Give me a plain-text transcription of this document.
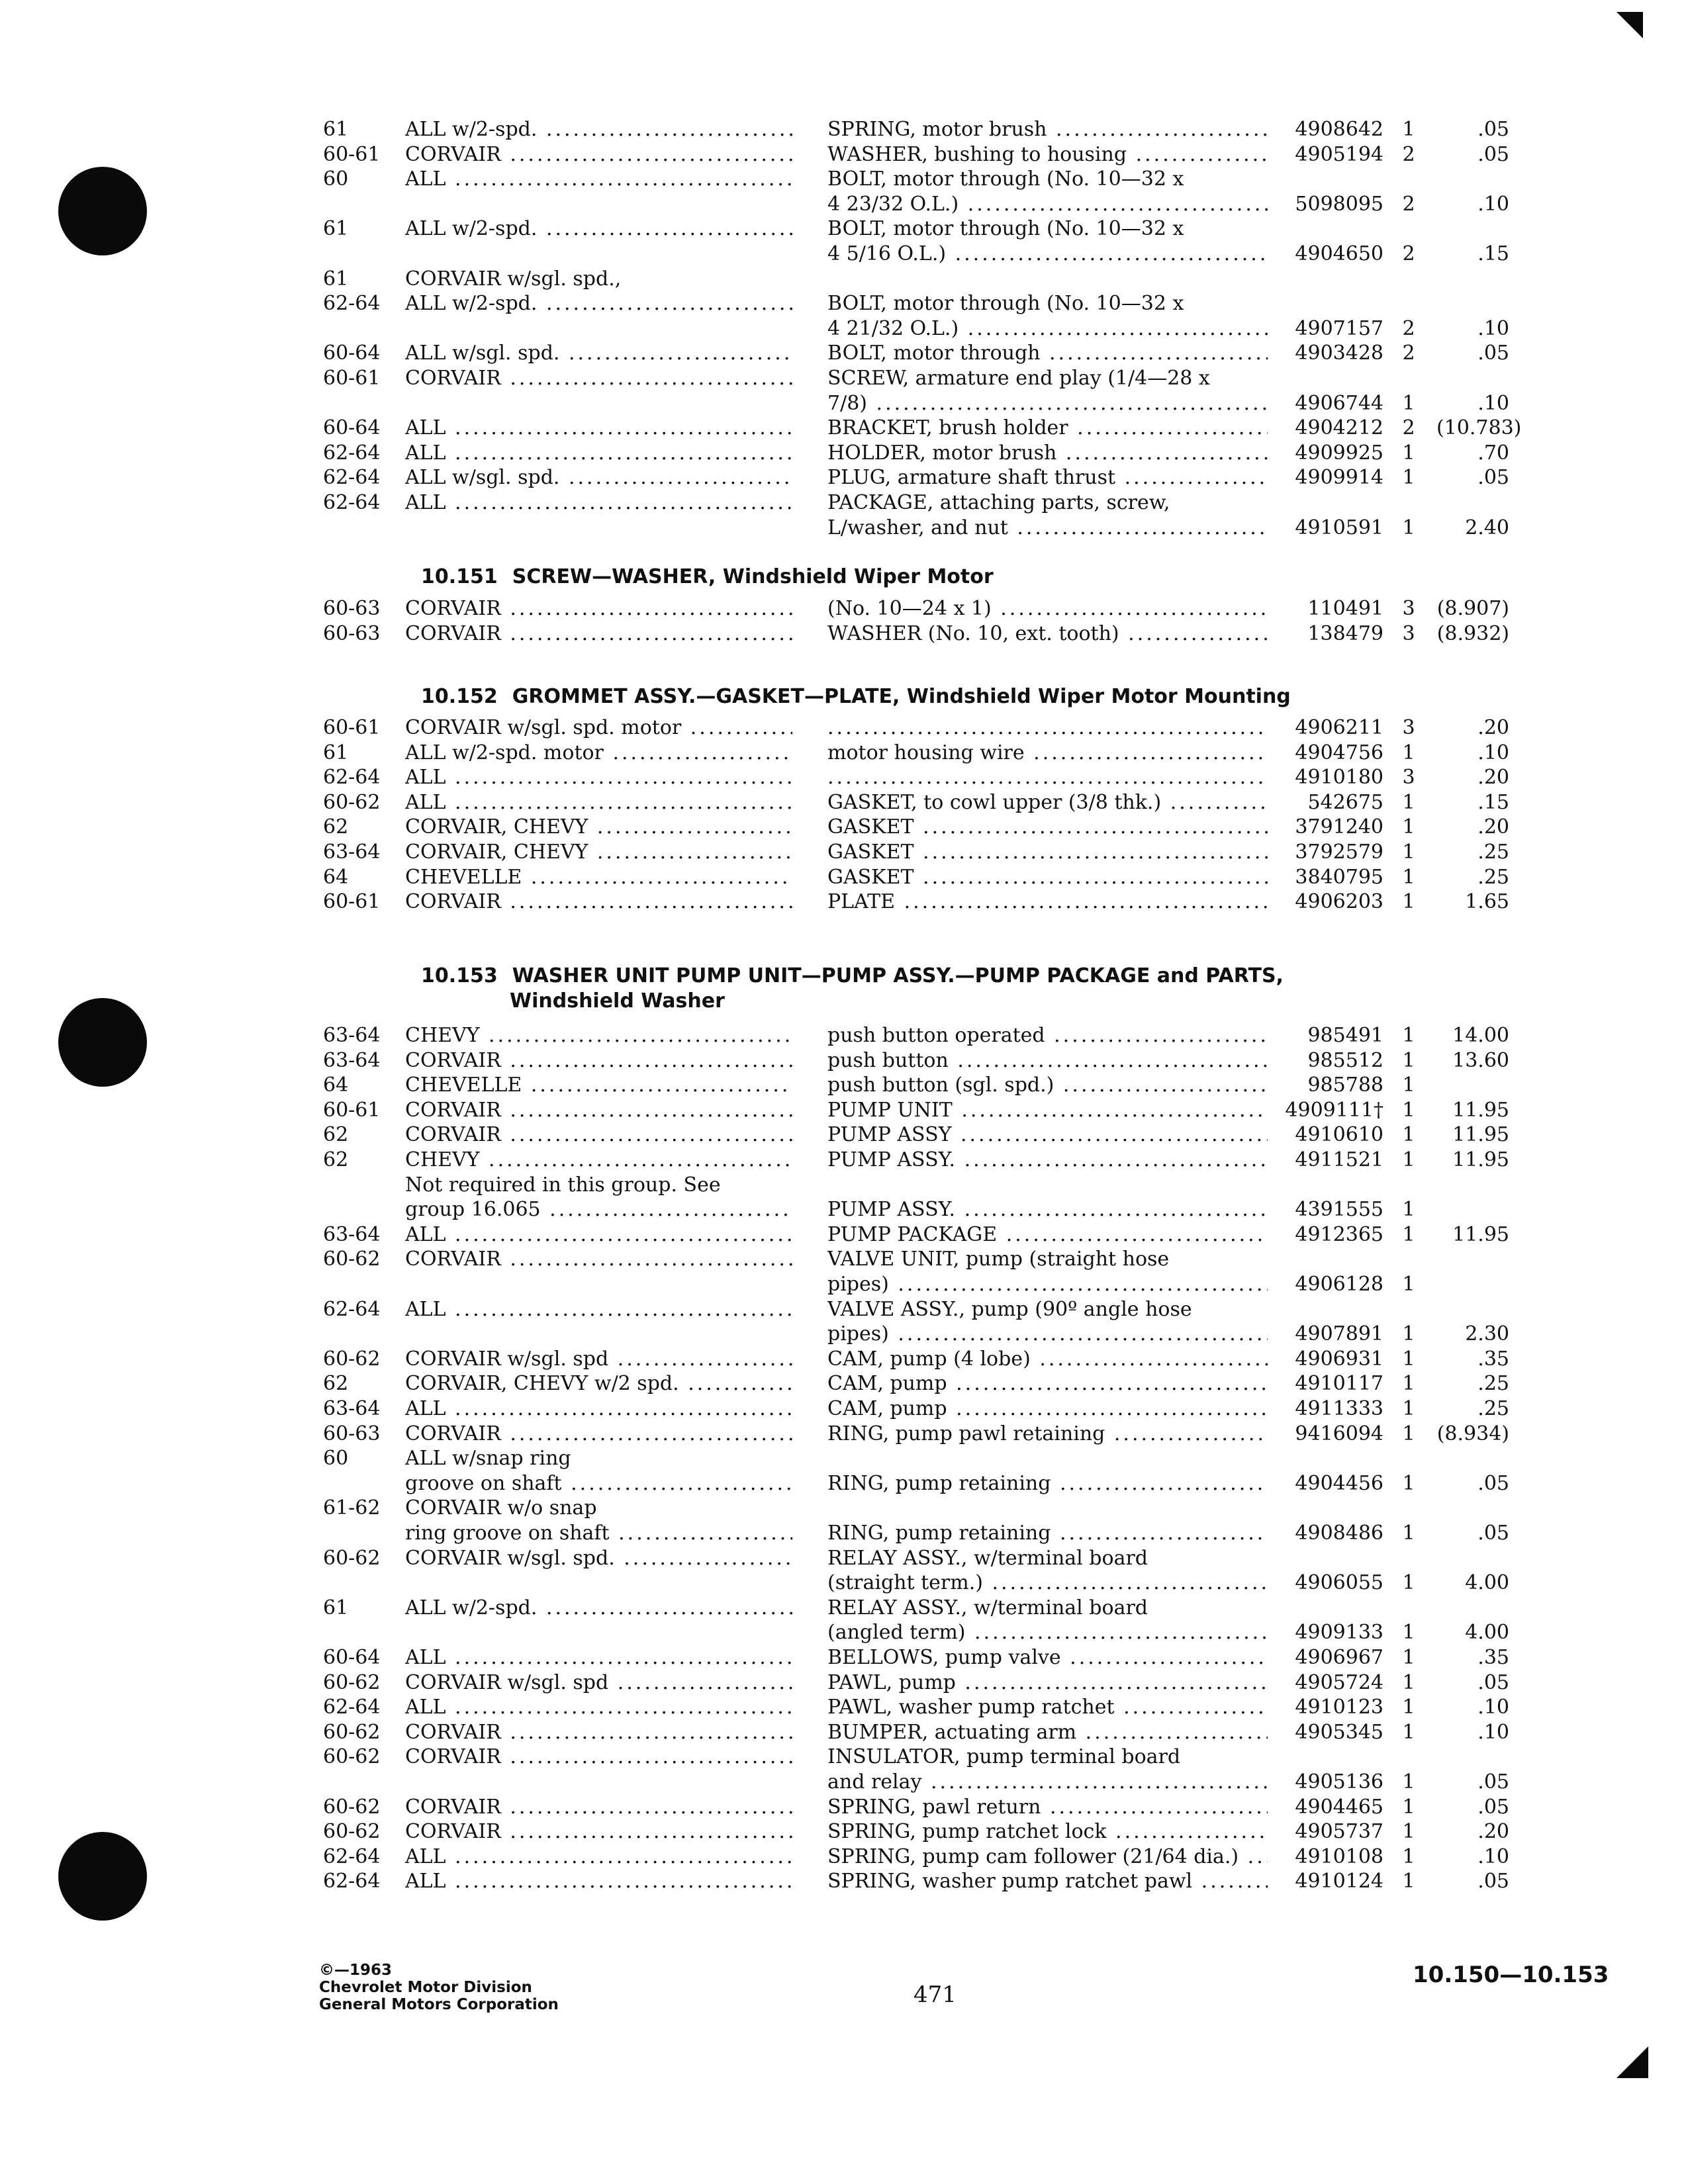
61	ALL w/2-spd. .....	SPRING, motor brush .....	4908642 1	.05
60-61 CORVAIR .....	WASHER, bushing to housing .....	4905194 2	.05
60	ALL .....	BOLT, motor through (No. 10—32 x
4 23/32 O.L.) .....	5098095 2	.10
61	ALL w/2-spd. .....	BOLT, motor through (No. 10—32 x
4 5/16 O.L.) .....	4904650 2	.15
61	CORVAIR w/sgl. spd.,
62-64 ALL w/2-spd. .....	BOLT, motor through (No. 10—32 x
4 21/32 O.L.) .....	4907157 2	.10
60-64 ALL w/sgl. spd. .....	BOLT, motor through .....	4903428 2	.05
60-61 CORVAIR .....	SCREW, armature end play (1/4—28 x
7/8) .....	4906744 1	.10
60-64 ALL .....	BRACKET, brush holder .....	4904212 2 (10.783)
62-64 ALL .....	HOLDER, motor brush .....	4909925 1	.70
62-64 ALL w/sgl. spd. .....	PLUG, armature shaft thrust .....	4909914 1	.05
62-64 ALL .....	PACKAGE, attaching parts, screw,
L/washer, and nut .....	4910591 1	2.40
10.151 SCREW—WASHER, Windshield Wiper Motor
60-63 CORVAIR .....	(No. 10—24 x 1) .....	110491 3 (8.907)
60-63 CORVAIR .....	WASHER (No. 10, ext. tooth) .....	138479 3 (8.932)
10.152 GROMMET ASSY.—GASKET—PLATE, Windshield Wiper Motor Mounting
60-61 CORVAIR w/sgl. spd. motor ..... .....	4906211 3	.20
61	ALL w/2-spd. motor .....	motor housing wire .....	4904756 1	.10
62-64 ALL ..... .....	4910180 3	.20
60-62 ALL .....	GASKET, to cowl upper (3/8 thk.) .....	542675 1	.15
62	CORVAIR, CHEVY .....	GASKET .....	3791240 1	.20
63-64 CORVAIR, CHEVY .....	GASKET .....	3792579 1	.25
64	CHEVELLE .....	GASKET .....	3840795 1	.25
60-61 CORVAIR .....	PLATE .....	4906203 1	1.65
10.153 WASHER UNIT PUMP UNIT—PUMP ASSY.—PUMP PACKAGE and PARTS,
Windshield Washer
63-64 CHEVY .....	push button operated .....	985491 1	14.00
63-64 CORVAIR .....	push button .....	985512 1	13.60
64	CHEVELLE .....	push button (sgl. spd.) .....	985788 1
60-61 CORVAIR .....	PUMP UNIT .....	4909111† 1	11.95
62	CORVAIR .....	PUMP ASSY .....	4910610 1	11.95
62	CHEVY .....	PUMP ASSY. .....	4911521 1	11.95
Not required in this group. See
group 16.065 .....	PUMP ASSY. .....	4391555 1
63-64 ALL .....	PUMP PACKAGE .....	4912365 1	11.95
60-62 CORVAIR .....	VALVE UNIT, pump (straight hose
pipes) .....	4906128 1
62-64 ALL .....	VALVE ASSY., pump (90º angle hose
pipes) .....	4907891 1	2.30
60-62 CORVAIR w/sgl. spd .....	CAM, pump (4 lobe) .....	4906931 1	.35
62	CORVAIR, CHEVY w/2 spd. .....	CAM, pump .....	4910117 1	.25
63-64 ALL .....	CAM, pump .....	4911333 1	.25
60-63 CORVAIR .....	RING, pump pawl retaining .....	9416094 1 (8.934)
60	ALL w/snap ring
groove on shaft .....	RING, pump retaining .....	4904456 1	.05
61-62 CORVAIR w/o snap
ring groove on shaft .....	RING, pump retaining .....	4908486 1	.05
60-62 CORVAIR w/sgl. spd. .....	RELAY ASSY., w/terminal board
(straight term.) .....	4906055 1	4.00
61	ALL w/2-spd. .....	RELAY ASSY., w/terminal board
(angled term) .....	4909133 1	4.00
60-64 ALL .....	BELLOWS, pump valve .....	4906967 1	.35
60-62 CORVAIR w/sgl. spd .....	PAWL, pump .....	4905724 1	.05
62-64 ALL .....	PAWL, washer pump ratchet .....	4910123 1	.10
60-62 CORVAIR .....	BUMPER, actuating arm .....	4905345 1	.10
60-62 CORVAIR .....	INSULATOR, pump terminal board
and relay .....	4905136 1	.05
60-62 CORVAIR .....	SPRING, pawl return .....	4904465 1	.05
60-62 CORVAIR .....	SPRING, pump ratchet lock .....	4905737 1	.20
62-64 ALL .....	SPRING, pump cam follower (21/64 dia.) .....	4910108 1	.10
62-64 ALL .....	SPRING, washer pump ratchet pawl .....	4910124 1	.05
©—1963
Chevrolet Motor Division
General Motors Corporation	471
10.150—10.153
